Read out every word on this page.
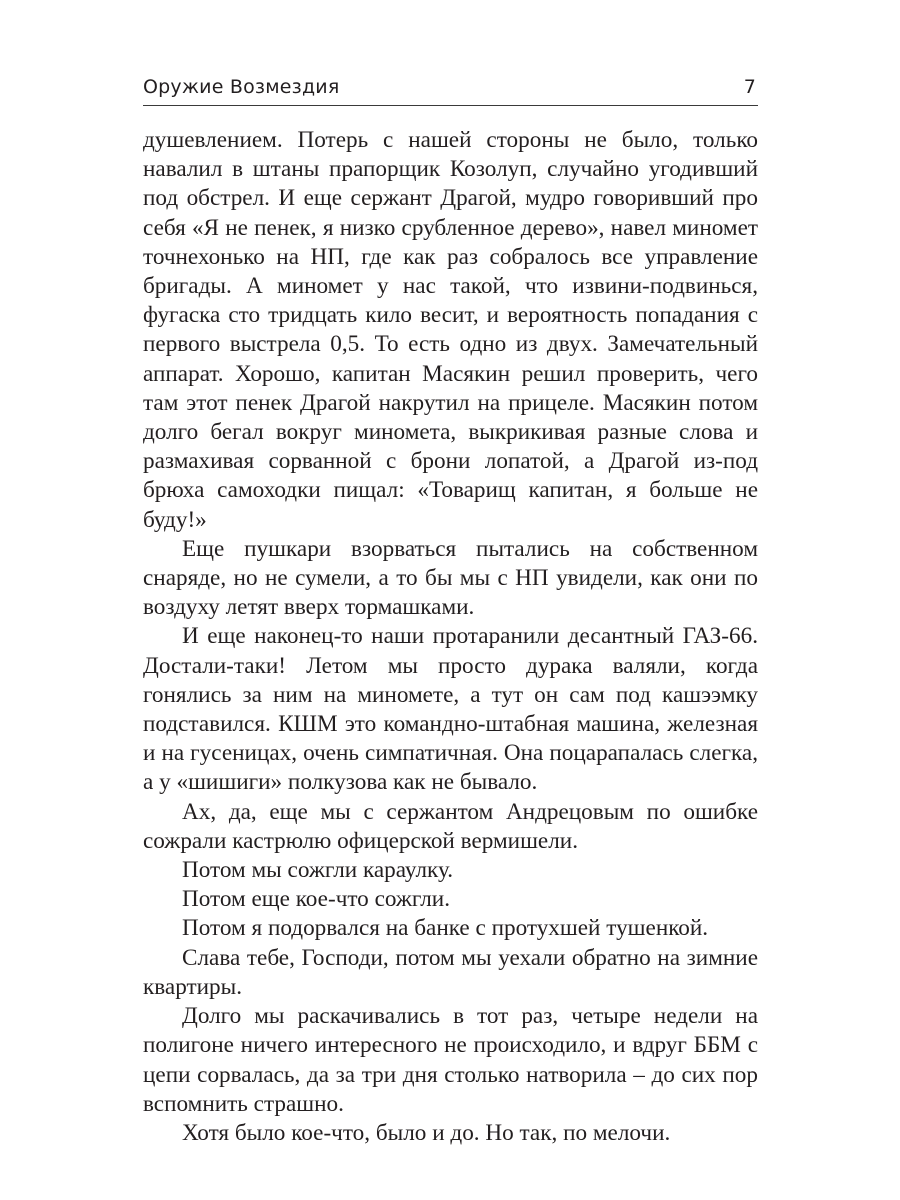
Оружие Возмездия	7

душевлением. Потерь с нашей стороны не было, только навалил в штаны прапорщик Козолуп, случайно угодивший под обстрел. И еще сержант Драгой, мудро говоривший про себя «Я не пенек, я низко срубленное дерево», навел миномет точнехонько на НП, где как раз собралось все управление бригады. А миномет у нас такой, что извини-подвинься, фугаска сто тридцать кило весит, и вероятность попадания с первого выстрела 0,5. То есть одно из двух. Замечательный аппарат. Хорошо, капитан Масякин решил проверить, чего там этот пенек Драгой накрутил на прицеле. Масякин потом долго бегал вокруг миномета, выкрикивая разные слова и размахивая сорванной с брони лопатой, а Драгой из-под брюха самоходки пищал: «Товарищ капитан, я больше не буду!»

Еще пушкари взорваться пытались на собственном снаряде, но не сумели, а то бы мы с НП увидели, как они по воздуху летят вверх тормашками.

И еще наконец-то наши протаранили десантный ГАЗ-66. Достали-таки! Летом мы просто дурака валяли, когда гонялись за ним на миномете, а тут он сам под кашээмку подставился. КШМ это командно-штабная машина, железная и на гусеницах, очень симпатичная. Она поцарапалась слегка, а у «шишиги» полкузова как не бывало.

Ах, да, еще мы с сержантом Андрецовым по ошибке сожрали кастрюлю офицерской вермишели.

Потом мы сожгли караулку.

Потом еще кое-что сожгли.

Потом я подорвался на банке с протухшей тушенкой.

Слава тебе, Господи, потом мы уехали обратно на зимние квартиры.

Долго мы раскачивались в тот раз, четыре недели на полигоне ничего интересного не происходило, и вдруг ББМ с цепи сорвалась, да за три дня столько натворила – до сих пор вспомнить страшно.

Хотя было кое-что, было и до. Но так, по мелочи.
